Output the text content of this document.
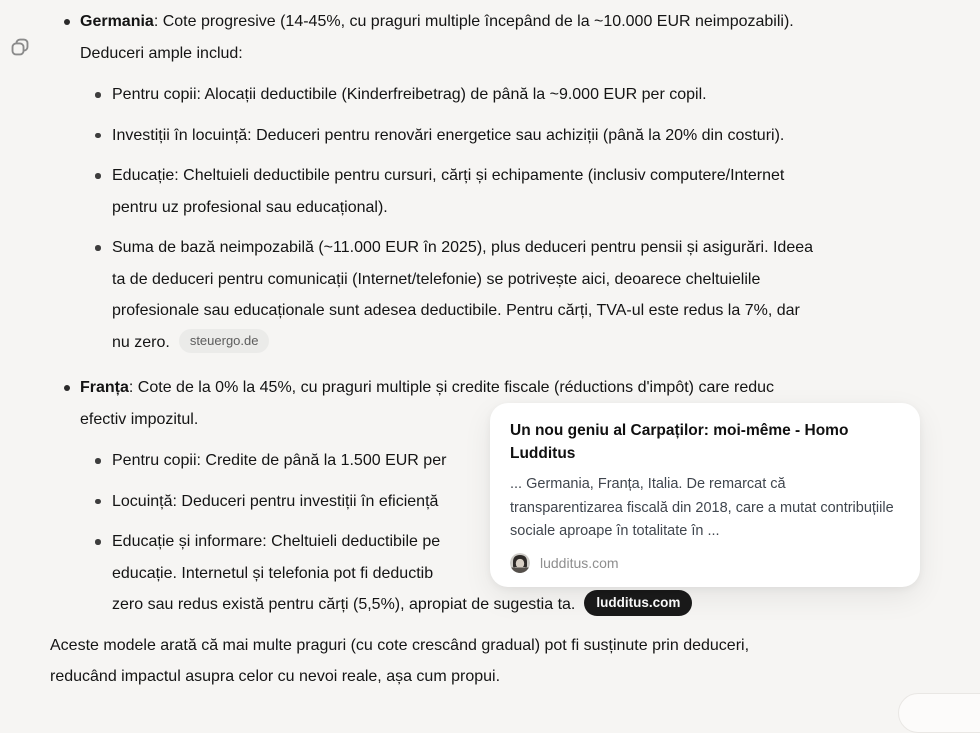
Germania: Cote progresive (14-45%, cu praguri multiple începând de la ~10.000 EUR neimpozabili).
Deduceri ample includ:
Pentru copii: Alocații deductibile (Kinderfreibetrag) de până la ~9.000 EUR per copil.
Investiții în locuință: Deduceri pentru renovări energetice sau achiziții (până la 20% din costuri).
Educație: Cheltuieli deductibile pentru cursuri, cărți și echipamente (inclusiv computere/Internet
pentru uz profesional sau educațional).
Suma de bază neimpozabilă (~11.000 EUR în 2025), plus deduceri pentru pensii și asigurări. Ideea
ta de deduceri pentru comunicații (Internet/telefonie) se potrivește aici, deoarece cheltuielile
profesionale sau educaționale sunt adesea deductibile. Pentru cărți, TVA-ul este redus la 7%, dar
nu zero. steuergo.de
Franța: Cote de la 0% la 45%, cu praguri multiple și credite fiscale (réductions d'impôt) care reduc
efectiv impozitul.
Pentru copii: Credite de până la 1.500 EUR per
Locuință: Deduceri pentru investiții în eficiență
Educație și informare: Cheltuieli deductibile pe
educație. Internetul și telefonia pot fi deductib
zero sau redus există pentru cărți (5,5%), apropiat de sugestia ta. ludditus.com
Aceste modele arată că mai multe praguri (cu cote crescând gradual) pot fi susținute prin deduceri,
reducând impactul asupra celor cu nevoi reale, așa cum propui.
Un nou geniu al Carpaților: moi-même - Homo Ludditus
... Germania, Franța, Italia. De remarcat că transparentizarea fiscală din 2018, care a mutat contribuțiile sociale aproape în totalitate în ...
ludditus.com
